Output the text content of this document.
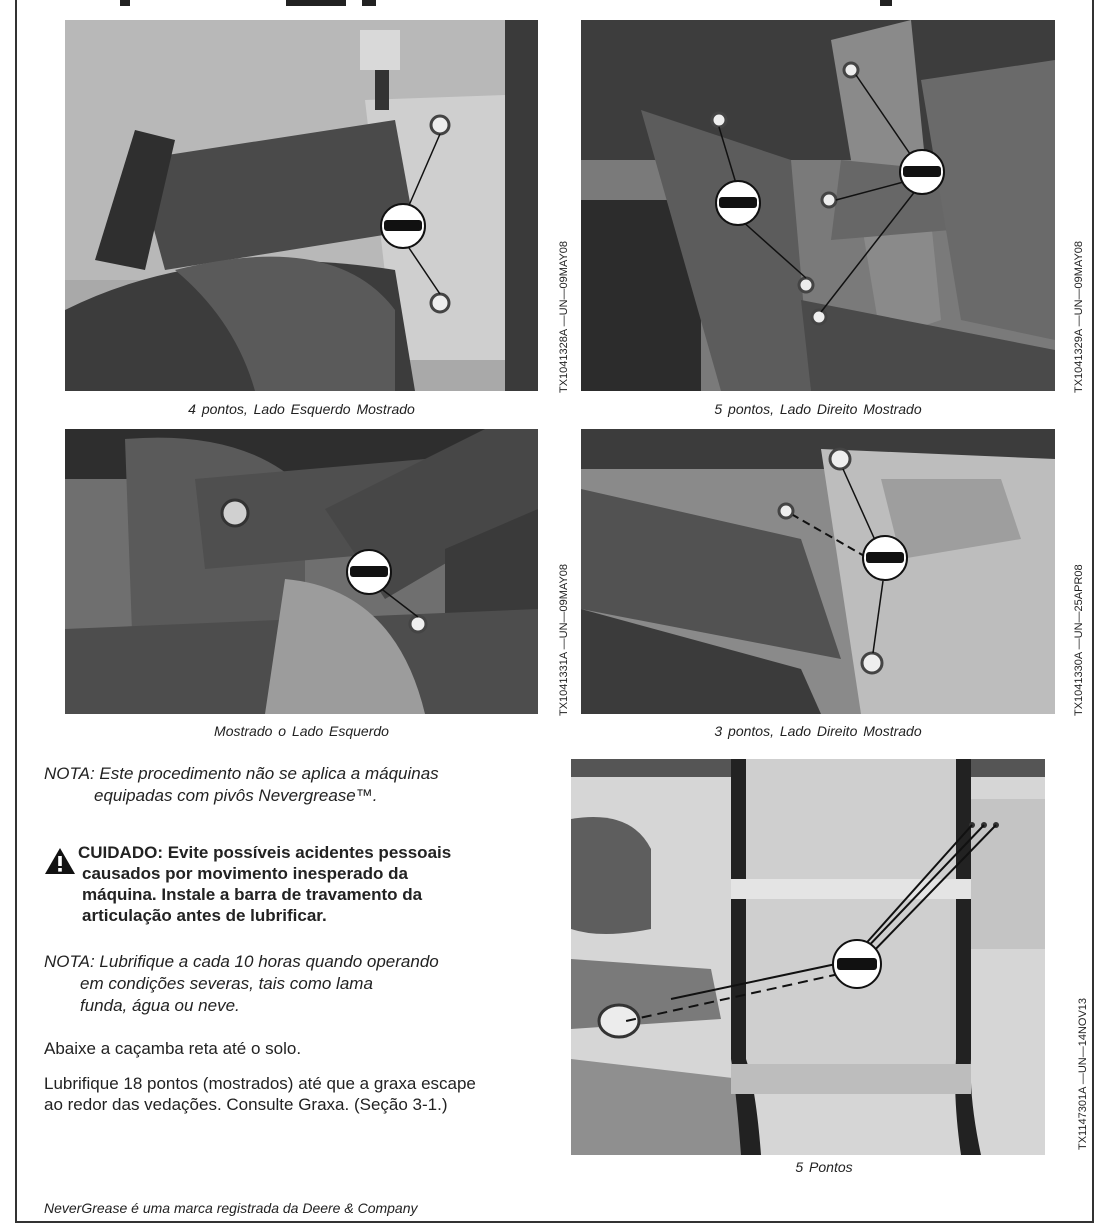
TX1041328A —UN—09MAY08
4 pontos, Lado Esquerdo Mostrado
TX1041329A —UN—09MAY08
5 pontos, Lado Direito Mostrado
TX1041331A —UN—09MAY08
Mostrado o Lado Esquerdo
TX1041330A —UN—25APR08
3 pontos, Lado Direito Mostrado
TX1147301A —UN—14NOV13
5 Pontos
NOTA: Este procedimento não se aplica a máquinas
equipadas com pivôs Nevergrease™.
CUIDADO: Evite possíveis acidentes pessoais
causados por movimento inesperado da
máquina. Instale a barra de travamento da
articulação antes de lubrificar.
NOTA: Lubrifique a cada 10 horas quando operando
em condições severas, tais como lama
funda, água ou neve.
Abaixe a caçamba reta até o solo.
Lubrifique 18 pontos (mostrados) até que a graxa escape
ao redor das vedações. Consulte Graxa. (Seção 3-1.)
NeverGrease é uma marca registrada da Deere & Company
